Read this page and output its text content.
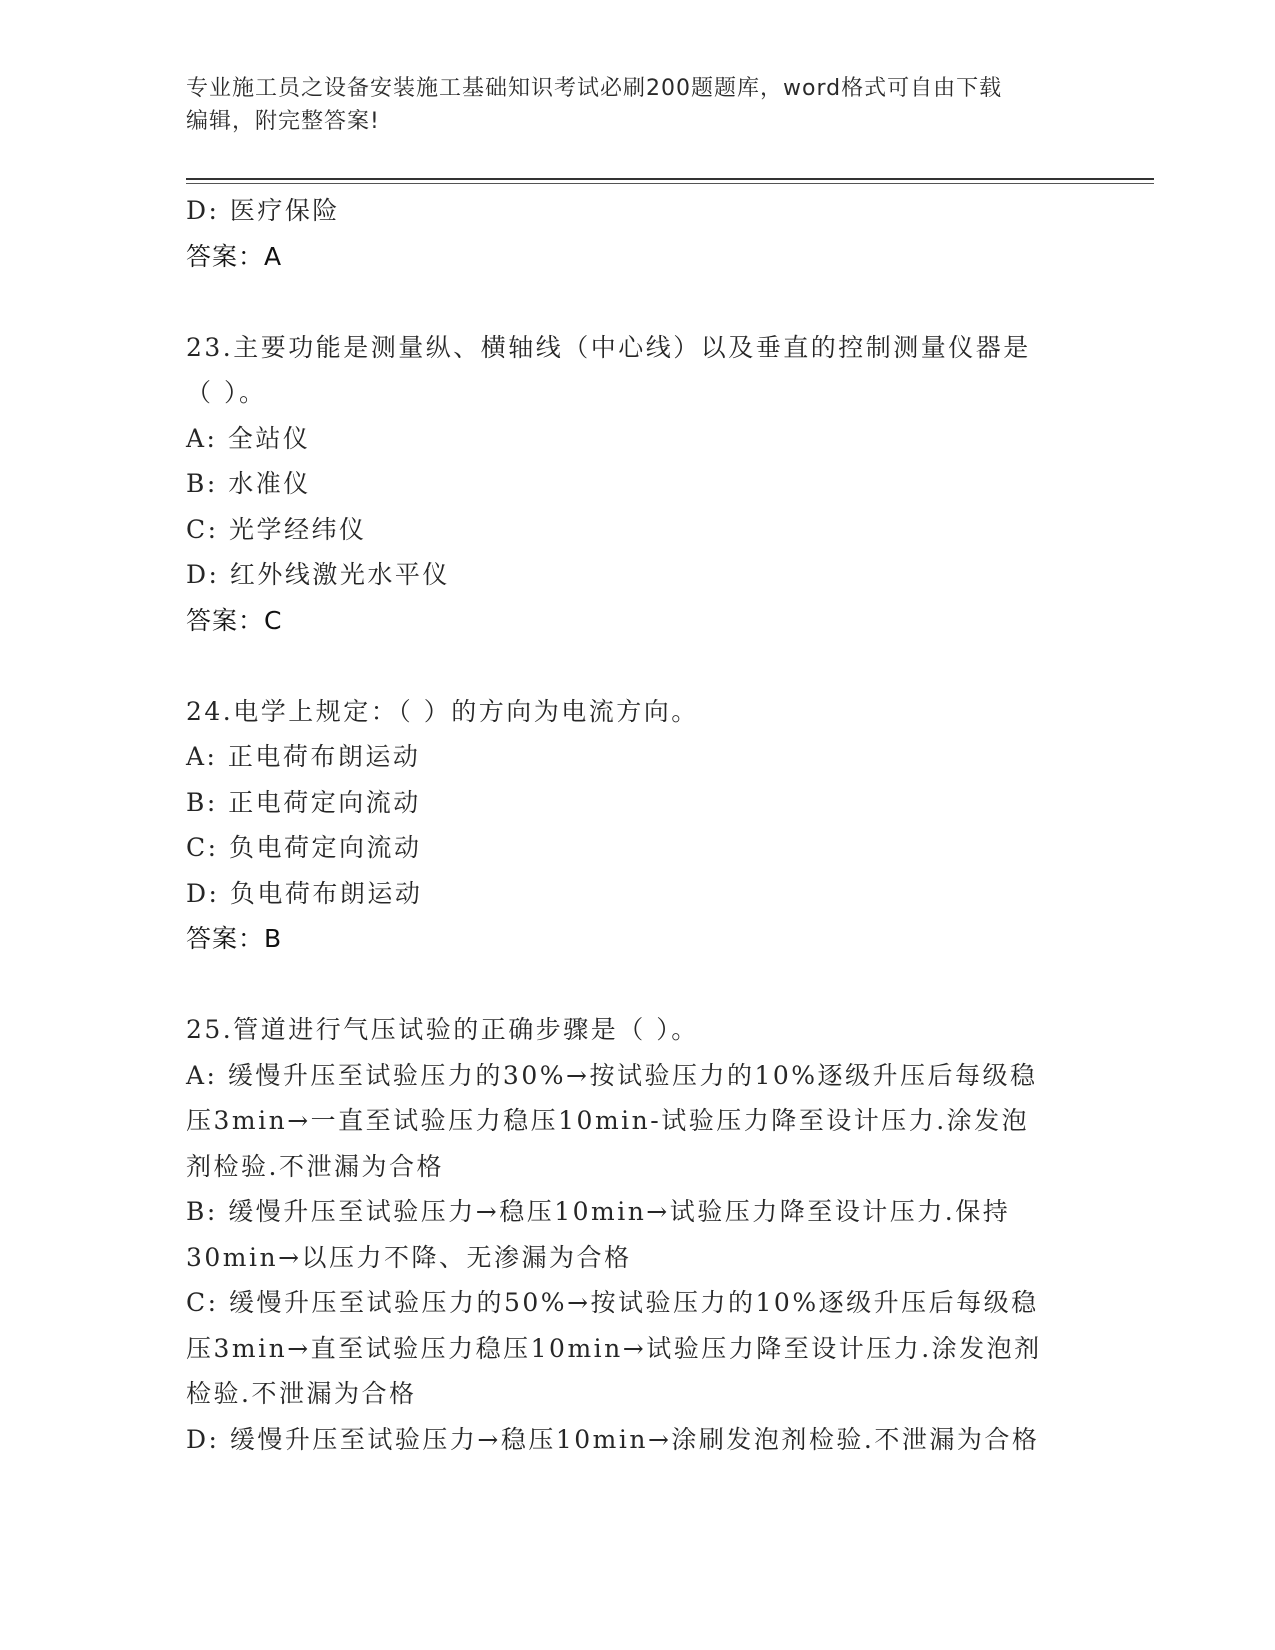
专业施工员之设备安装施工基础知识考试必刷200题题库，word格式可自由下载
编辑，附完整答案!
D: 医疗保险
答案：A
23.主要功能是测量纵、横轴线（中心线）以及垂直的控制测量仪器是
（ ）。
A: 全站仪
B: 水准仪
C: 光学经纬仪
D: 红外线激光水平仪
答案：C
24.电学上规定：（ ）的方向为电流方向。
A: 正电荷布朗运动
B: 正电荷定向流动
C: 负电荷定向流动
D: 负电荷布朗运动
答案：B
25.管道进行气压试验的正确步骤是（ ）。
A: 缓慢升压至试验压力的30%→按试验压力的10%逐级升压后每级稳
压3min→一直至试验压力稳压10min-试验压力降至设计压力.涂发泡
剂检验.不泄漏为合格
B: 缓慢升压至试验压力→稳压10min→试验压力降至设计压力.保持
30min→以压力不降、无渗漏为合格
C: 缓慢升压至试验压力的50%→按试验压力的10%逐级升压后每级稳
压3min→直至试验压力稳压10min→试验压力降至设计压力.涂发泡剂
检验.不泄漏为合格
D: 缓慢升压至试验压力→稳压10min→涂刷发泡剂检验.不泄漏为合格
